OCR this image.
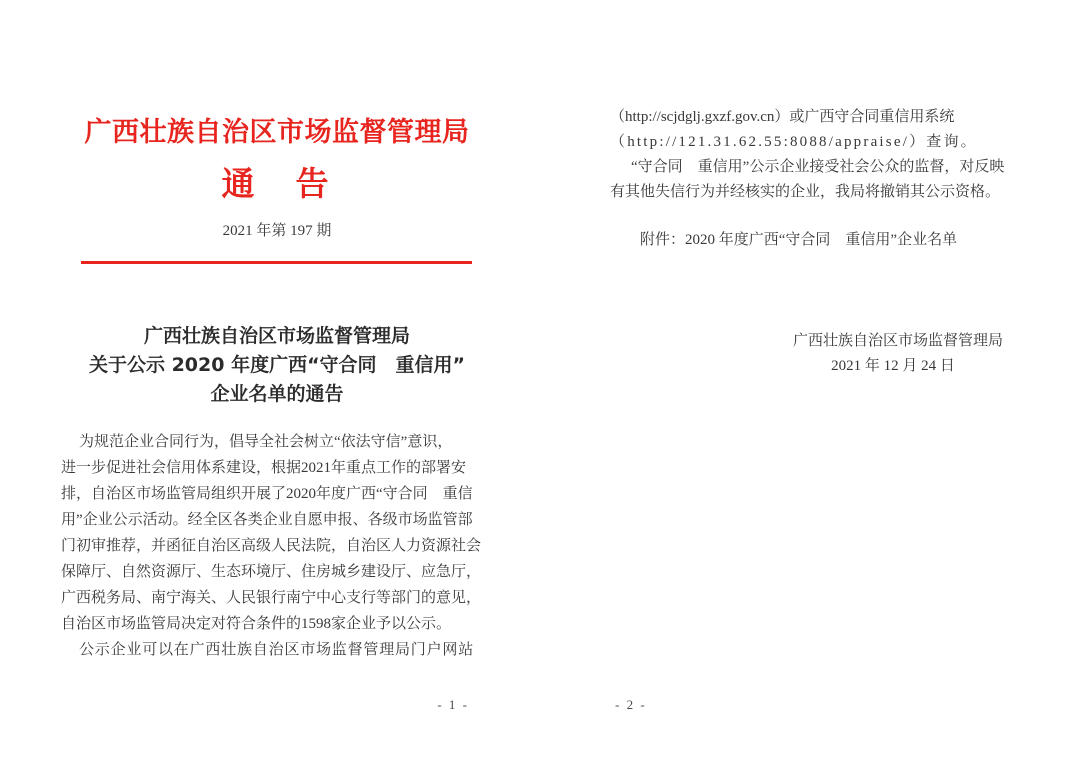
广西壮族自治区市场监督管理局
通　告
2021 年第 197 期
广西壮族自治区市场监督管理局
关于公示 2020 年度广西“守合同　重信用”
企业名单的通告
为规范企业合同行为，倡导全社会树立“依法守信”意识，
进一步促进社会信用体系建设，根据2021年重点工作的部署安
排，自治区市场监管局组织开展了2020年度广西“守合同　重信
用”企业公示活动。经全区各类企业自愿申报、各级市场监管部
门初审推荐，并函征自治区高级人民法院，自治区人力资源社会
保障厅、自然资源厅、生态环境厅、住房城乡建设厅、应急厅，
广西税务局、南宁海关、人民银行南宁中心支行等部门的意见，
自治区市场监管局决定对符合条件的1598家企业予以公示。
公示企业可以在广西壮族自治区市场监督管理局门户网站
- 1 -
（http://scjdglj.gxzf.gov.cn）或广西守合同重信用系统
（http://121.31.62.55:8088/appraise/）查询。
“守合同　重信用”公示企业接受社会公众的监督，对反映
有其他失信行为并经核实的企业，我局将撤销其公示资格。
附件：2020 年度广西“守合同　重信用”企业名单
广西壮族自治区市场监督管理局
2021 年 12 月 24 日
- 2 -
